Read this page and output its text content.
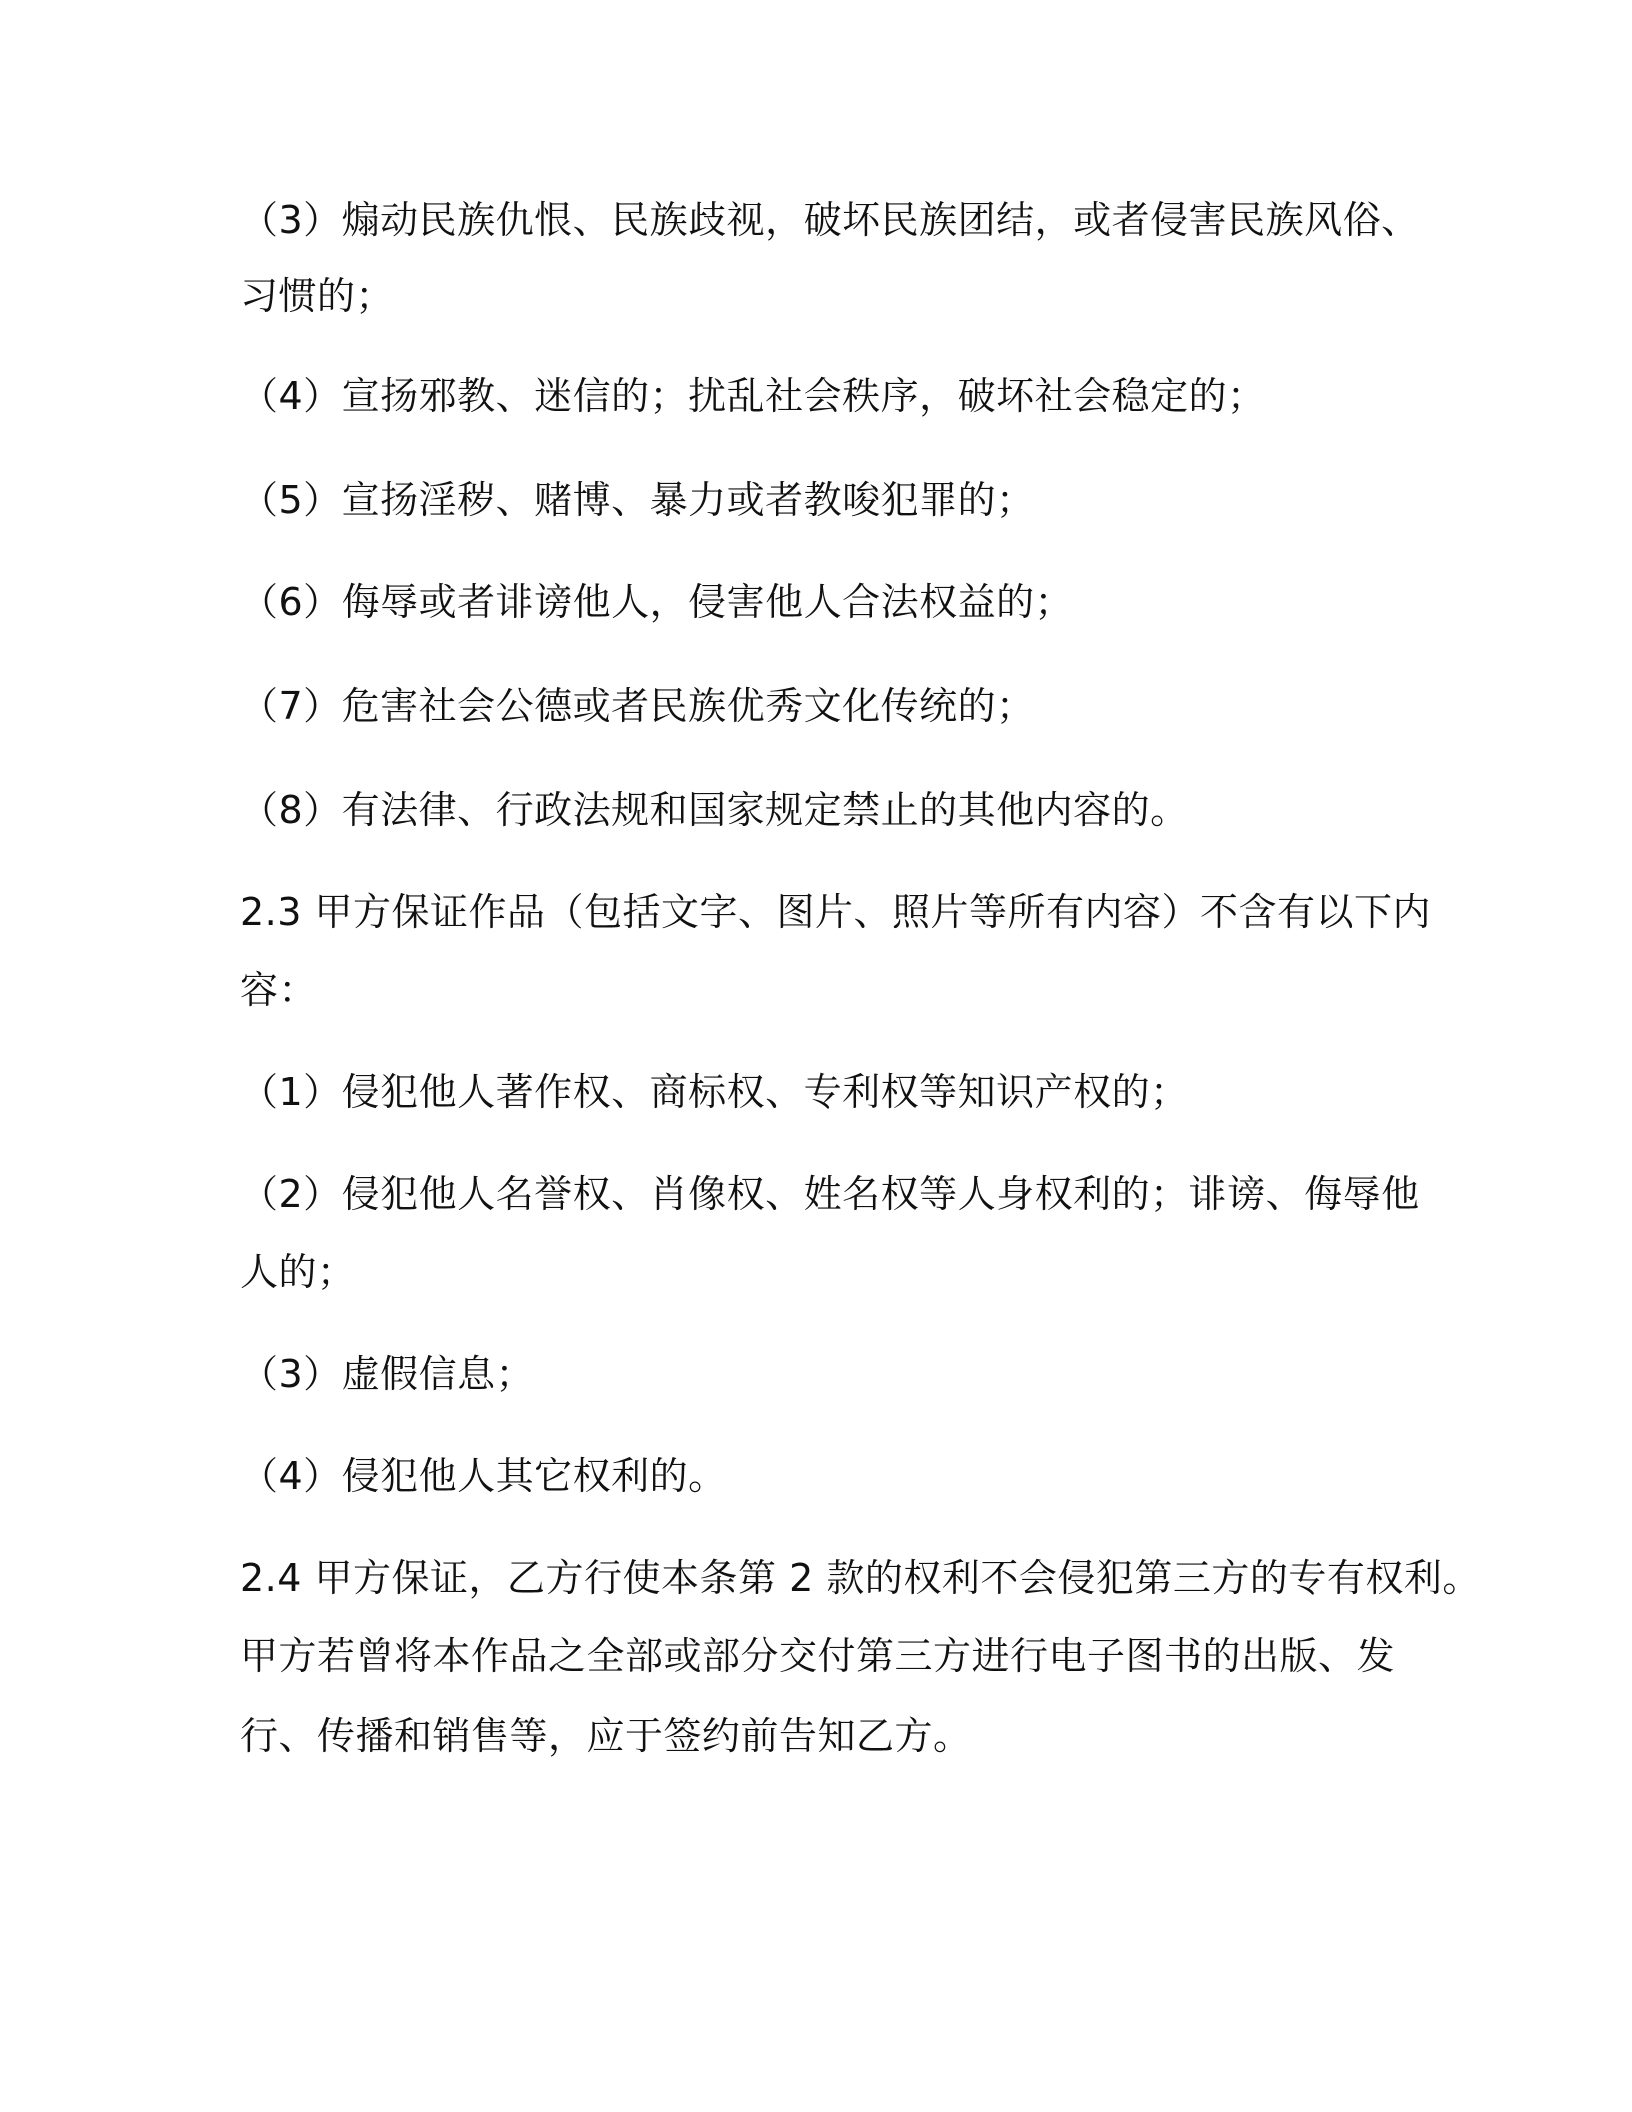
（3）煽动民族仇恨、民族歧视，破坏民族团结，或者侵害民族风俗、
习惯的；
（4）宣扬邪教、迷信的；扰乱社会秩序，破坏社会稳定的；
（5）宣扬淫秽、赌博、暴力或者教唆犯罪的；
（6）侮辱或者诽谤他人，侵害他人合法权益的；
（7）危害社会公德或者民族优秀文化传统的；
（8）有法律、行政法规和国家规定禁止的其他内容的。
2.3 甲方保证作品（包括文字、图片、照片等所有内容）不含有以下内
容：
（1）侵犯他人著作权、商标权、专利权等知识产权的；
（2）侵犯他人名誉权、肖像权、姓名权等人身权利的；诽谤、侮辱他
人的；
（3）虚假信息；
（4）侵犯他人其它权利的。
2.4 甲方保证，乙方行使本条第 2 款的权利不会侵犯第三方的专有权利。
甲方若曾将本作品之全部或部分交付第三方进行电子图书的出版、发
行、传播和销售等，应于签约前告知乙方。
